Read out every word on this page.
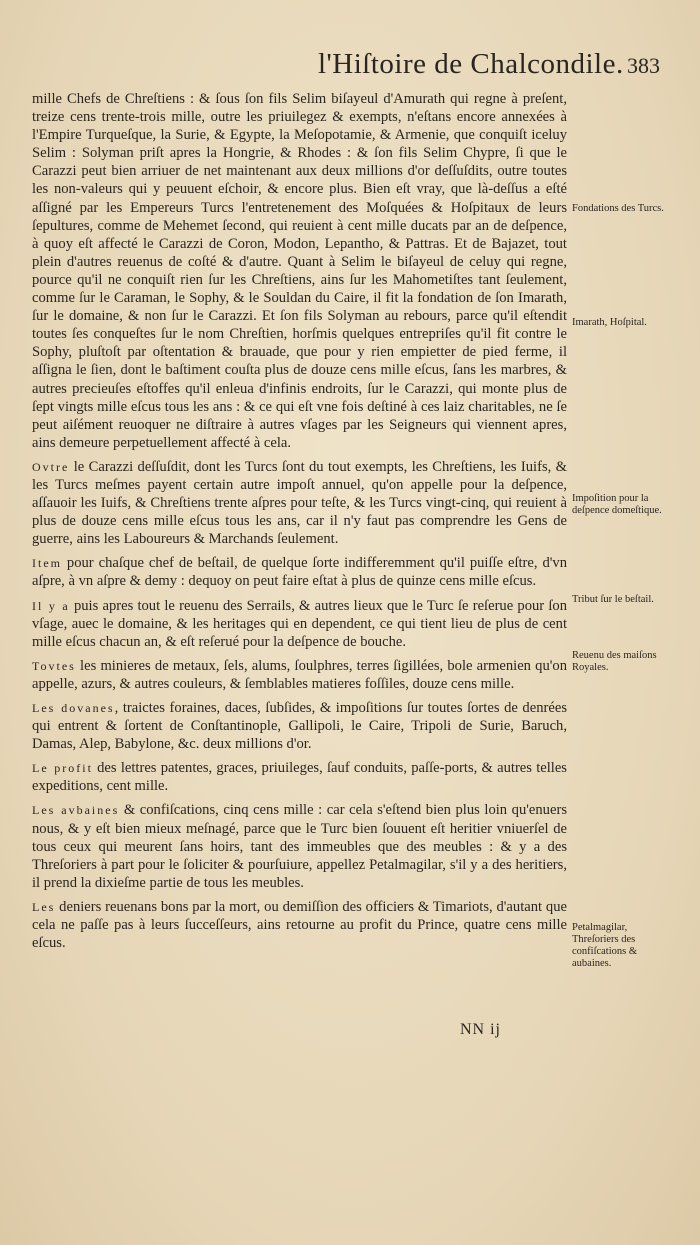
l'Hiſtoire de Chalcondile. 383

mille Chefs de Chreſtiens : & ſous ſon fils Selim biſayeul d'Amurath qui regne à preſent, treize cens trente-trois mille, outre les priuilegez & exempts, n'eſtans encore annexées à l'Empire Turqueſque, la Surie, & Egypte, la Meſopotamie, & Armenie, que conquiſt iceluy Selim : Solyman priſt apres la Hongrie, & Rhodes : & ſon fils Selim Chypre, ſi que le Carazzi peut bien arriuer de net maintenant aux deux millions d'or deſſuſdits, outre toutes les non-valeurs qui y peuuent eſchoir, & encore plus. Bien eſt vray, que là-deſſus a eſté aſſigné par les Empereurs Turcs l'entretenement des Moſquées & Hoſpitaux de leurs ſepultures, comme de Mehemet ſecond, qui reuient à cent mille ducats par an de deſpence, à quoy eſt affecté le Carazzi de Coron, Modon, Lepantho, & Pattras. Et de Bajazet, tout plein d'autres reuenus de coſté & d'autre. Quant à Selim le biſayeul de celuy qui regne, pource qu'il ne conquiſt rien ſur les Chreſtiens, ains ſur les Mahometiſtes tant ſeulement, comme ſur le Caraman, le Sophy, & le Souldan du Caire, il fit la fondation de ſon Imarath, ſur le domaine, & non ſur le Carazzi. Et ſon fils Solyman au rebours, parce qu'il eſtendit toutes ſes conqueſtes ſur le nom Chreſtien, horſmis quelques entrepriſes qu'il fit contre le Sophy, pluſtoſt par oſtentation & brauade, que pour y rien empietter de pied ferme, il aſſigna le ſien, dont le baſtiment couſta plus de douze cens mille eſcus, ſans les marbres, & autres precieuſes eſtoffes qu'il enleua d'infinis endroits, ſur le Carazzi, qui monte plus de ſept vingts mille eſcus tous les ans : & ce qui eſt vne fois deſtiné à ces laiz charitables, ne ſe peut aiſément reuoquer ne diſtraire à autres vſages par les Seigneurs qui viennent apres, ains demeure perpetuellement affecté à cela.

Ovtre le Carazzi deſſuſdit, dont les Turcs ſont du tout exempts, les Chreſtiens, les Iuifs, & les Turcs meſmes payent certain autre impoſt annuel, qu'on appelle pour la deſpence, aſſauoir les Iuifs, & Chreſtiens trente aſpres pour teſte, & les Turcs vingt-cinq, qui reuient à plus de douze cens mille eſcus tous les ans, car il n'y faut pas comprendre les Gens de guerre, ains les Laboureurs & Marchands ſeulement.

Item pour chaſque chef de beſtail, de quelque ſorte indifferemment qu'il puiſſe eſtre, d'vn aſpre, à vn aſpre & demy : dequoy on peut faire eſtat à plus de quinze cens mille eſcus.

Il y a puis apres tout le reuenu des Serrails, & autres lieux que le Turc ſe reſerue pour ſon vſage, auec le domaine, & les heritages qui en dependent, ce qui tient lieu de plus de cent mille eſcus chacun an, & eſt reſerué pour la deſpence de bouche.

Tovtes les minieres de metaux, ſels, alums, ſoulphres, terres ſigillées, bole armenien qu'on appelle, azurs, & autres couleurs, & ſemblables matieres foſſiles, douze cens mille.

Les dovanes, traictes foraines, daces, ſubſides, & impoſitions ſur toutes ſortes de denrées qui entrent & ſortent de Conſtantinople, Gallipoli, le Caire, Tripoli de Surie, Baruch, Damas, Alep, Babylone, &c. deux millions d'or.

Le profit des lettres patentes, graces, priuileges, ſauf conduits, paſſe-ports, & autres telles expeditions, cent mille.

Les avbaines & confiſcations, cinq cens mille : car cela s'eſtend bien plus loin qu'enuers nous, & y eſt bien mieux meſnagé, parce que le Turc bien ſouuent eſt heritier vniuerſel de tous ceux qui meurent ſans hoirs, tant des immeubles que des meubles : & y a des Threſoriers à part pour le ſoliciter & pourſuiure, appellez Petalmagilar, s'il y a des heritiers, il prend la dixieſme partie de tous les meubles.

Les deniers reuenans bons par la mort, ou demiſſion des officiers & Timariots, d'autant que cela ne paſſe pas à leurs ſucceſſeurs, ains retourne au profit du Prince, quatre cens mille eſcus.

Fondations des Turcs.
Imarath, Hoſpital.
Impoſition pour la deſpence domeſtique.
Tribut ſur le beſtail.
Reuenu des maiſons Royales.
Petalmagilar, Threſoriers des confiſcations & aubaines.
NN ij
